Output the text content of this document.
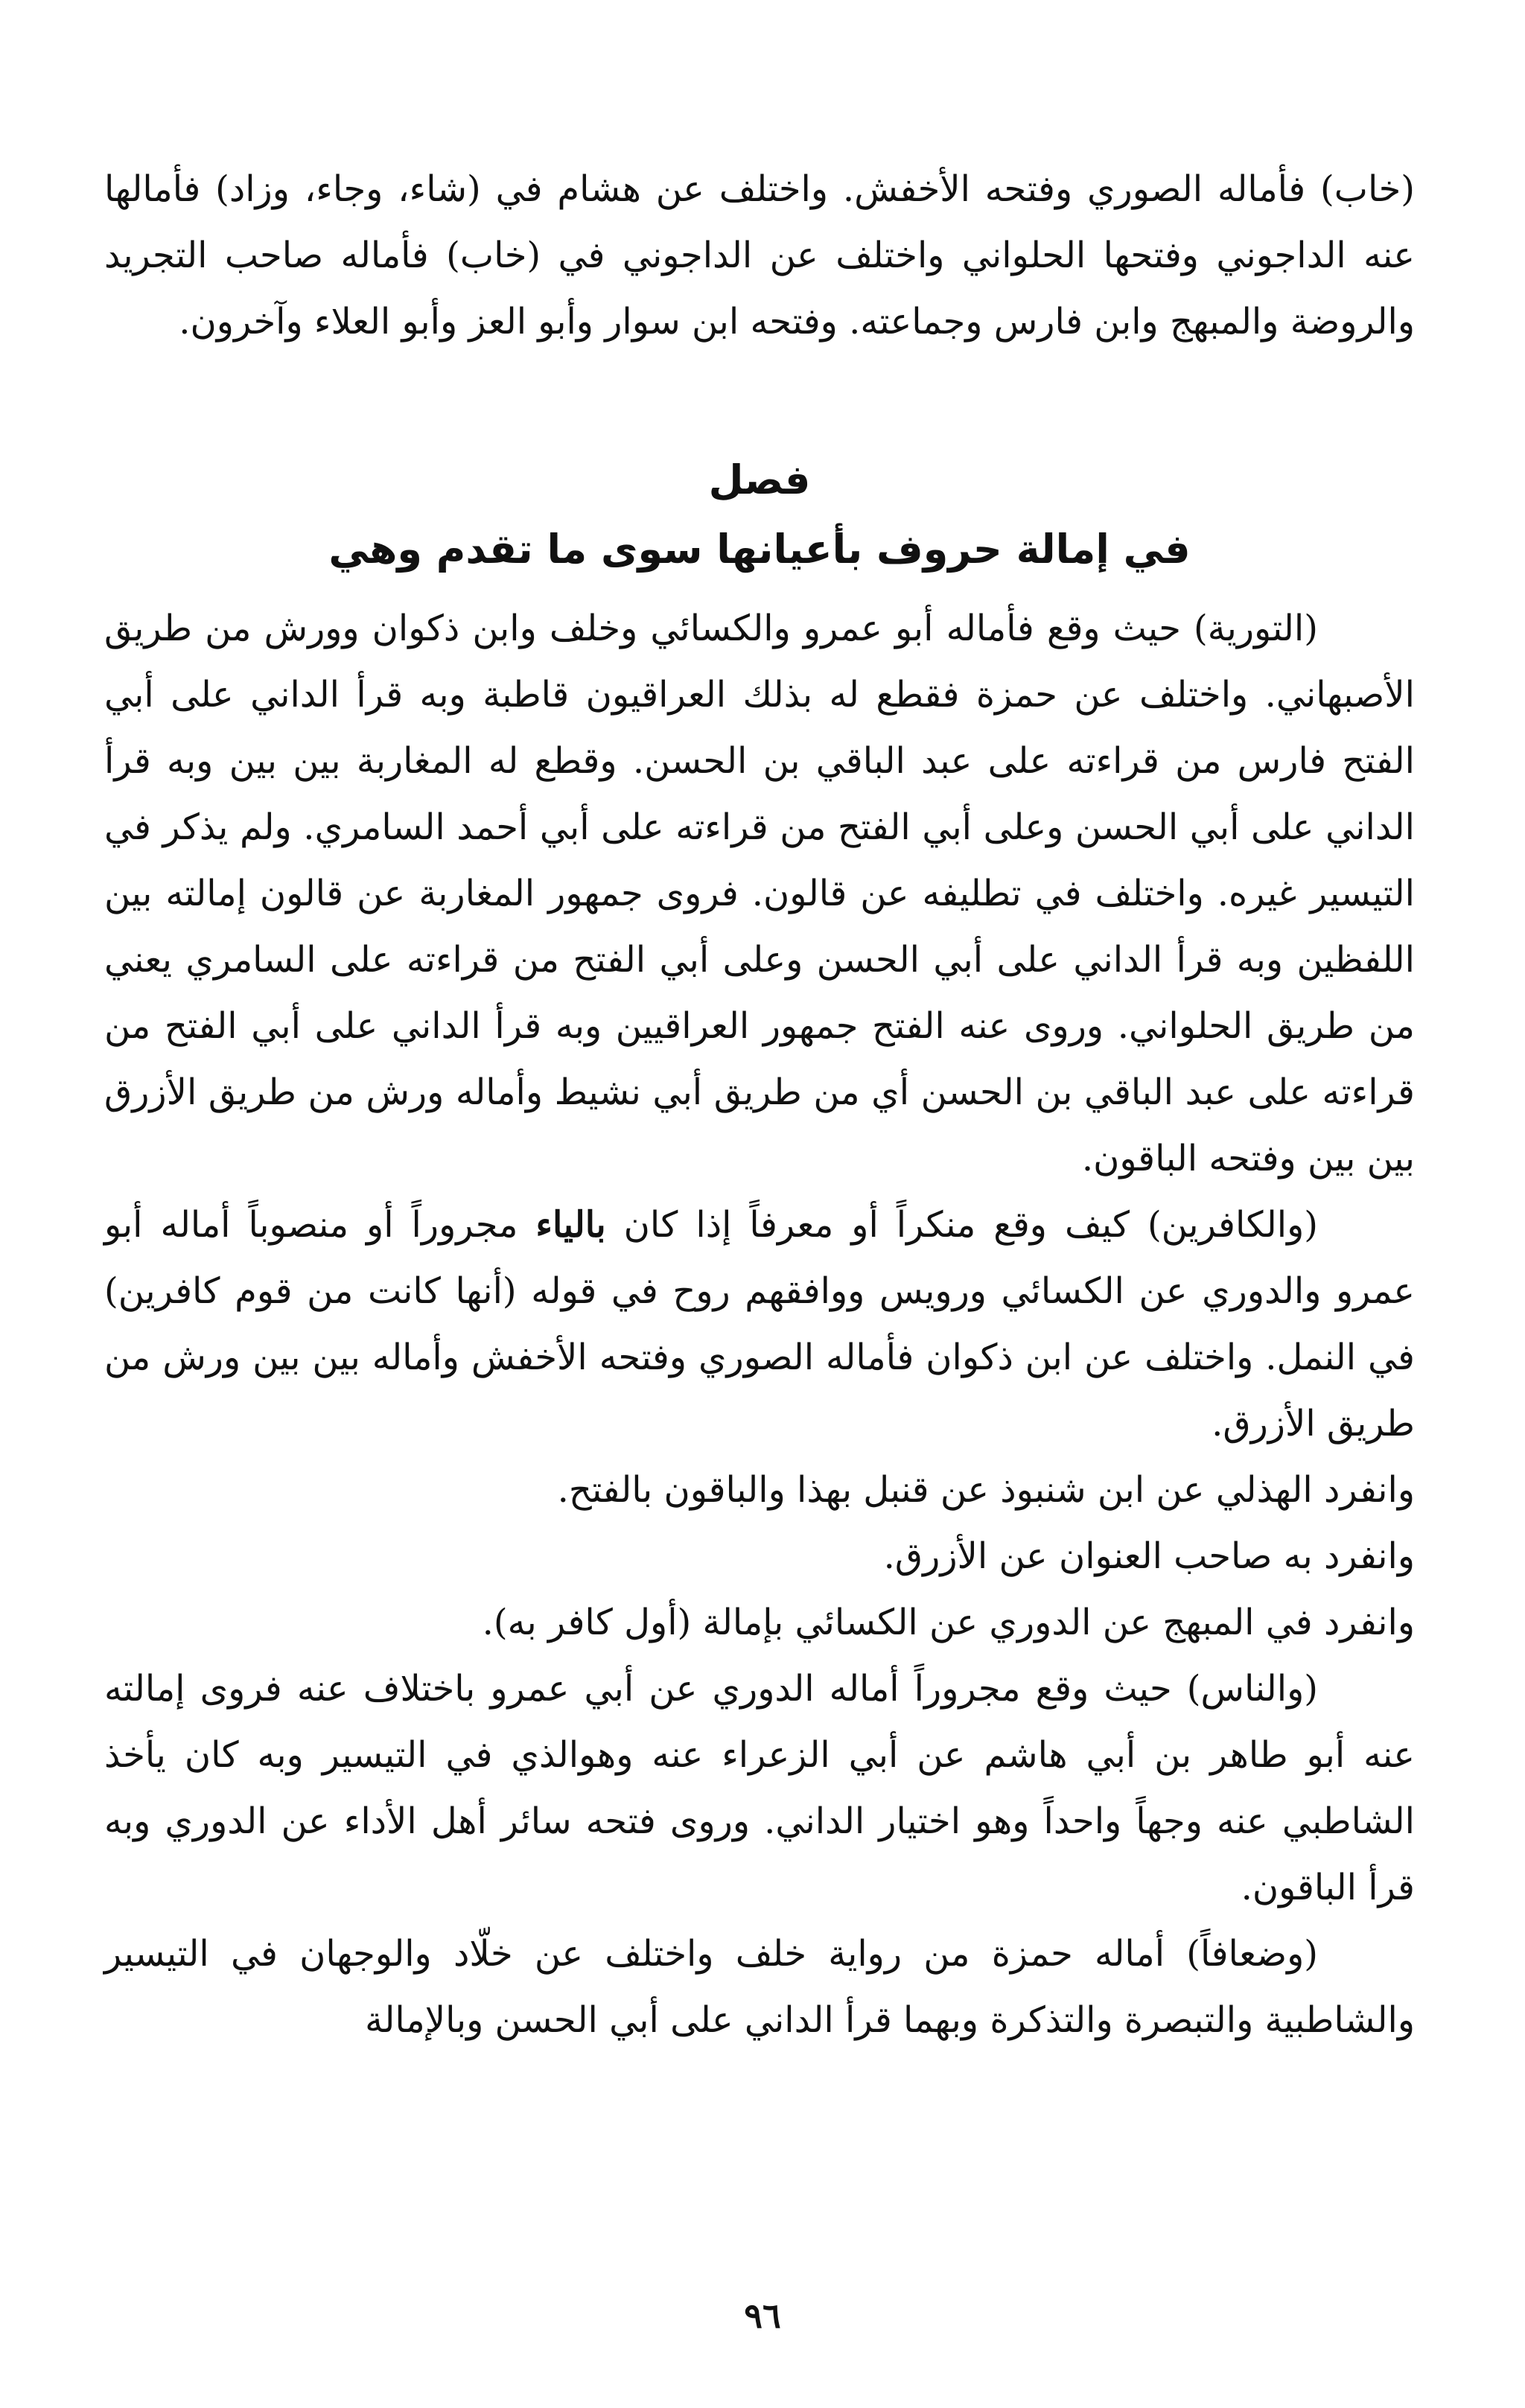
(خاب) فأماله الصوري وفتحه الأخفش. واختلف عن هشام في (شاء، وجاء، وزاد) فأمالها عنه الداجوني وفتحها الحلواني واختلف عن الداجوني في (خاب) فأماله صاحب التجريد والروضة والمبهج وابن فارس وجماعته. وفتحه ابن سوار وأبو العز وأبو العلاء وآخرون.

فصل

في إمالة حروف بأعيانها سوى ما تقدم وهي

(التورية) حيث وقع فأماله أبو عمرو والكسائي وخلف وابن ذكوان وورش من طريق الأصبهاني. واختلف عن حمزة فقطع له بذلك العراقيون قاطبة وبه قرأ الداني على أبي الفتح فارس من قراءته على عبد الباقي بن الحسن. وقطع له المغاربة بين بين وبه قرأ الداني على أبي الحسن وعلى أبي الفتح من قراءته على أبي أحمد السامري. ولم يذكر في التيسير غيره. واختلف في تطليفه عن قالون. فروى جمهور المغاربة عن قالون إمالته بين اللفظين وبه قرأ الداني على أبي الحسن وعلى أبي الفتح من قراءته على السامري يعني من طريق الحلواني. وروى عنه الفتح جمهور العراقيين وبه قرأ الداني على أبي الفتح من قراءته على عبد الباقي بن الحسن أي من طريق أبي نشيط وأماله ورش من طريق الأزرق بين بين وفتحه الباقون.

(والكافرين) كيف وقع منكراً أو معرفاً إذا كان بالياء مجروراً أو منصوباً أماله أبو عمرو والدوري عن الكسائي ورويس ووافقهم روح في قوله (أنها كانت من قوم كافرين) في النمل. واختلف عن ابن ذكوان فأماله الصوري وفتحه الأخفش وأماله بين بين ورش من طريق الأزرق.

وانفرد الهذلي عن ابن شنبوذ عن قنبل بهذا والباقون بالفتح.

وانفرد به صاحب العنوان عن الأزرق.

وانفرد في المبهج عن الدوري عن الكسائي بإمالة (أول كافر به).

(والناس) حيث وقع مجروراً أماله الدوري عن أبي عمرو باختلاف عنه فروى إمالته عنه أبو طاهر بن أبي هاشم عن أبي الزعراء عنه وهوالذي في التيسير وبه كان يأخذ الشاطبي عنه وجهاً واحداً وهو اختيار الداني. وروى فتحه سائر أهل الأداء عن الدوري وبه قرأ الباقون.

(وضعافاً) أماله حمزة من رواية خلف واختلف عن خلّاد والوجهان في التيسير والشاطبية والتبصرة والتذكرة وبهما قرأ الداني على أبي الحسن وبالإمالة

٩٦
